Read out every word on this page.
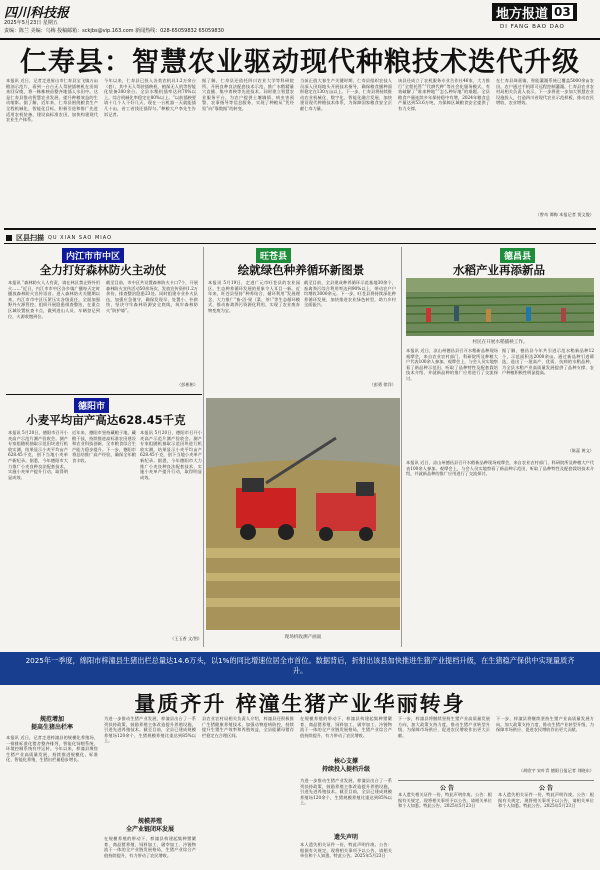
四川科技报
2025年5月23日 星期五
责编：陈兰 美编：乌梅 投稿邮箱：sckjbs@vip.163.com 新闻热线：028-65059832 65059830
地方报道 03
DI FANG BAO DAO
仁寿县：智慧农业驱动现代种粮技术迭代升级
本报讯 近日，记者走进眉山市仁寿县宝飞镇万亩粮油示范片，看到一台台无人驾驶插秧机在田间来回穿梭，将一株株秧苗整齐地插入水田中。这是仁寿县推动智慧农业发展、提升种粮效益的生动缩影。据了解，近年来，仁寿县围绕粮食生产全程机械化、智能化目标，积极引进和推广先进适用农机装备，建设高标准农田，加快构建现代农业生产体系。
今年以来，仁寿县已投入各类农机具1.2万余台（套），其中无人驾驶插秧机、植保无人机等智能化装备300余台。全县水稻机插率达到70%以上，综合机械化率稳定在80%以上。“以前插秧要请十几个人干好几天，现在一台机器一天就能插几十亩，省工省钱还插得匀。”种粮大户李先生告诉记者。
据了解，仁寿县还依托四川农业大学等科研院所，开展良种良法配套技术示范，推广水稻精量穴直播、集中育秧等先进技术。同时建立智慧农业服务平台，为农户提供土壤墒情、病虫害预警、农事指导等信息服务，实现了种粮从“凭经验”向“靠数据”的转变。
当前正值大春生产关键时期，仁寿县组织农技人员深入田间地头开展技术指导，确保粮食播种面积稳定在130万亩以上。下一步，仁寿县将持续推动农业机械化、数字化、智能化融合发展，加快建设现代种粮技术体系，为保障国家粮食安全贡献仁寿力量。
该县还成立了农机服务专业合作社46家，大力推行“全程托管”“代耕代种”等社会化服务模式，有效破解了“谁来种地”“怎么种好地”的难题。全县粮食产量连续多年保持稳中有增，2024年粮食总产量达到53.6万吨，为保障区域粮食安全提供了有力支撑。
在仁寿县珠嘉镇，智能灌溉系统已覆盖5000余亩农田，农户通过手机即可远程控制灌溉。仁寿县农业农村局相关负责人表示，下一步将进一步加大智慧农业设施投入，打造四川省现代农业示范样板，推动农民增收、农业增效。
（曾奇 谭梅 本报记者 贾文俊）
区县扫描 QU XIAN SAO MIAO
内江市市中区
全力打好森林防火主动仗
本报讯 “森林防火人人有责，请在林区禁止野外用火……”近日，内江市市中区各乡镇广播每天定时播放森林防火宣传语音。进入森林防火关键期以来，内江市市中区压紧压实各级责任，全面加强野外火源管控，组织开展隐患排查整治，在重点区域设置检查卡点，做到进山人员、车辆登记到位，火源收缴到位。
截至目前，市中区共设置森林防火卡口7个，开展森林防火宣传活动50余场次，发放宣传资料1.2万余份，排查整治隐患23处。同时组建专业扑火队伍，加强应急值守，确保发现早、处置小、扑救快，坚决守牢森林资源安全底线，筑牢森林防火“防护墙”。
（彭彬彬）
旺苍县
绘就绿色种养循环新图景
本报讯 5月19日，走进广元市旺苍县的农业园区，生态种养循环发展的景象令人耳目一新。近年来，旺苍县坚持“种养结合、循环利用”发展理念，大力推广“畜-沼-果（菜、茶）”等生态循环模式，推动畜禽粪污资源化利用，实现了农业废弃物变废为宝。
截至目前，全县建成种养循环示范基地30余个，畜禽粪污综合利用率达到90%以上，带动农户户均增收3000余元。下一步，旺苍县将持续深化种养循环发展，加快推进农业绿色转型，助力乡村全面振兴。
（彭勇 徐洋）
德昌县
水稻产业再添新品
村民在开展水稻插秧工作。
本报讯 近日，凉山州德昌县召开水稻新品种现场观摩会，来自农业农村部门、科研院所及种粮大户代表100余人参加。观摩会上，与会人员实地察看了新品种示范田，听取了品种特性及配套栽培技术介绍，并就新品种的推广应用进行了交流探讨。
据了解，德昌县今年共引进示范水稻新品种12个，示范面积达2000余亩。通过新品种引进筛选，选出了一批高产、优质、抗病的水稻品种，为全县水稻产业高质量发展提供了品种支撑，农户种植积极性明显提高。
（陈蕊 黄文）
本报讯 近日，凉山州德昌县召开水稻新品种现场观摩会，来自农业农村部门、科研院所及种粮大户代表100余人参加。观摩会上，与会人员实地察看了新品种示范田，听取了品种特性及配套栽培技术介绍，并就新品种的推广应用进行了交流探讨。
德阳市
小麦平均亩产高达628.45千克
本报讯 5月20日，德阳市召开小麦高产示范片测产验收会。测产专家组随机抽取示范田块进行机收实测，结果显示小麦平均亩产628.45千克，创下当地小麦单产新纪录。据悉，今年德阳市大力推广小麦良种良法配套技术，实施小麦单产提升行动，取得明显成效。
近年来，德阳市坚持藏粮于地、藏粮于技，持续推进高标准农田建设和农业科技创新，全市粮食综合生产能力稳步提升。下一步，德阳市将总结推广高产经验，确保全年粮食丰收。
本报讯 5月20日，德阳市召开小麦高产示范片测产验收会。测产专家组随机抽取示范田块进行机收实测，结果显示小麦平均亩产628.45千克，创下当地小麦单产新纪录。据悉，今年德阳市大力推广小麦良种良法配套技术，实施小麦单产提升行动，取得明显成效。
（王玉香 文/图）	现场机收测产画面
2025年一季度，绵阳市梓潼县生猪出栏总量达14.6万头，以1%的同比增速位居全市首位。数据背后，折射出该县加快推进生猪产业提档升级，在生猪稳产保供中实现量质齐升。
量质齐升 梓潼生猪产业华丽转身
规范增加
提高生猪出栏率
本报讯 近日，记者走进梓潼县的规模化养殖场，一排排标准化猪舍整齐排列，智能化饲喂系统、环境控制系统有序运转。今年以来，梓潼县聚焦生猪产业高质量发展，持续推进规模化、标准化、智能化养殖，生猪出栏量稳步增长。
为进一步推动生猪产业发展，梓潼县出台了一系列扶持政策，鼓励养殖主体改造提升养殖设施，引进先进养殖技术。截至目前，全县已建成规模养殖场120余个，生猪规模养殖比重达到85%以上。
规模养殖
全产业链闭环发展
在规模养殖的带动下，梓潼县构建起集种猪繁育、商品猪养殖、饲料加工、屠宰加工、冷链物流于一体的全产业链发展格局，生猪产业综合产值持续提升，有力带动了农民增收。
县农业农村局相关负责人介绍，梓潼县还积极推广生猪健康养殖技术，加强动物疫病防控，持续提升生猪生产效率和养殖效益，全县能繁母猪存栏稳定在合理区间。
在规模养殖的带动下，梓潼县构建起集种猪繁育、商品猪养殖、饲料加工、屠宰加工、冷链物流于一体的全产业链发展格局，生猪产业综合产值持续提升，有力带动了农民增收。
核心支撑
持续投入提档升级
为进一步推动生猪产业发展，梓潼县出台了一系列扶持政策，鼓励养殖主体改造提升养殖设施，引进先进养殖技术。截至目前，全县已建成规模养殖场120余个，生猪规模养殖比重达到85%以上。
遗失声明
本人遗失相关证件一份，特此声明作废。公告：根据有关规定，现将相关事项予以公告，请相关单位和个人知悉。特此公告。2025年5月23日
下一步，梓潼县将继续坚持生猪产业高质量发展方向，加大政策支持力度，推动生猪产业转型升级，为保障市场供应、促进农民增收作出更大贡献。
下一步，梓潼县将继续坚持生猪产业高质量发展方向，加大政策支持力度，推动生猪产业转型升级，为保障市场供应、促进农民增收作出更大贡献。
（胡欣宇 宋叶青 德阳日报记者 刘晓东）
公 告	公 告
本人遗失相关证件一份，特此声明作废。公告：根据有关规定，现将相关事项予以公告，请相关单位和个人知悉。特此公告。2025年5月23日
本人遗失相关证件一份，特此声明作废。公告：根据有关规定，现将相关事项予以公告，请相关单位和个人知悉。特此公告。2025年5月23日
